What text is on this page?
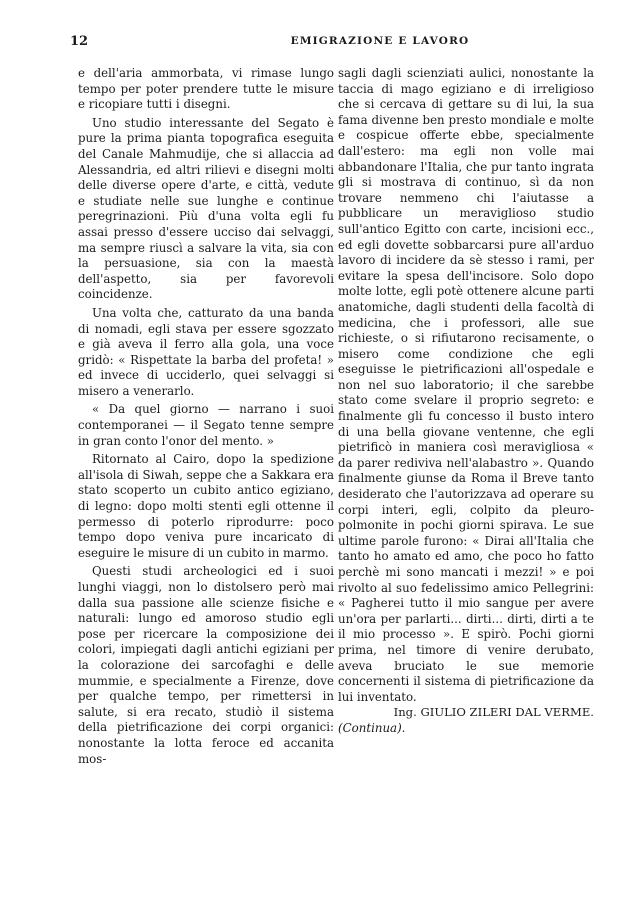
12	EMIGRAZIONE E LAVORO

e dell'aria ammorbata, vi rimase lungo tempo per poter prendere tutte le misure e ricopiare tutti i disegni.

Uno studio interessante del Segato è pure la prima pianta topografica eseguita del Canale Mahmudije, che si allaccia ad Alessandria, ed altri rilievi e disegni molti delle diverse opere d'arte, e città, vedute e studiate nelle sue lunghe e continue peregrinazioni. Più d'una volta egli fu assai presso d'essere ucciso dai selvaggi, ma sempre riuscì a salvare la vita, sia con la persuasione, sia con la maestà dell'aspetto, sia per favorevoli coincidenze.

Una volta che, catturato da una banda di nomadi, egli stava per essere sgozzato e già aveva il ferro alla gola, una voce gridò: « Rispettate la barba del profeta! » ed invece di ucciderlo, quei selvaggi si misero a venerarlo.

« Da quel giorno — narrano i suoi contemporanei — il Segato tenne sempre in gran conto l'onor del mento. »

Ritornato al Cairo, dopo la spedizione all'isola di Siwah, seppe che a Sakkara era stato scoperto un cubito antico egiziano, di legno: dopo molti stenti egli ottenne il permesso di poterlo riprodurre: poco tempo dopo veniva pure incaricato di eseguire le misure di un cubito in marmo.

Questi studi archeologici ed i suoi lunghi viaggi, non lo distolsero però mai dalla sua passione alle scienze fisiche e naturali: lungo ed amoroso studio egli pose per ricercare la composizione dei colori, impiegati dagli antichi egiziani per la colorazione dei sarcofaghi e delle mummie, e specialmente a Firenze, dove per qualche tempo, per rimettersi in salute, si era recato, studiò il sistema della pietrificazione dei corpi organici: nonostante la lotta feroce ed accanita mos-

sagli dagli scienziati aulici, nonostante la taccia di mago egiziano e di irreligioso che si cercava di gettare su di lui, la sua fama divenne ben presto mondiale e molte e cospicue offerte ebbe, specialmente dall'estero: ma egli non volle mai abbandonare l'Italia, che pur tanto ingrata gli si mostrava di continuo, sì da non trovare nemmeno chi l'aiutasse a pubblicare un meraviglioso studio sull'antico Egitto con carte, incisioni ecc., ed egli dovette sobbarcarsi pure all'arduo lavoro di incidere da sè stesso i rami, per evitare la spesa dell'incisore. Solo dopo molte lotte, egli potè ottenere alcune parti anatomiche, dagli studenti della facoltà di medicina, che i professori, alle sue richieste, o si rifiutarono recisamente, o misero come condizione che egli eseguisse le pietrificazioni all'ospedale e non nel suo laboratorio; il che sarebbe stato come svelare il proprio segreto: e finalmente gli fu concesso il busto intero di una bella giovane ventenne, che egli pietrificò in maniera così meravigliosa « da parer rediviva nell'alabastro ». Quando finalmente giunse da Roma il Breve tanto desiderato che l'autorizzava ad operare su corpi interi, egli, colpito da pleuro-polmonite in pochi giorni spirava. Le sue ultime parole furono: « Dirai all'Italia che tanto ho amato ed amo, che poco ho fatto perchè mi sono mancati i mezzi! » e poi rivolto al suo fedelissimo amico Pellegrini: « Pagherei tutto il mio sangue per avere un'ora per parlarti... dirti... dirti, dirti a te il mio processo ». E spirò. Pochi giorni prima, nel timore di venire derubato, aveva bruciato le sue memorie concernenti il sistema di pietrificazione da lui inventato.

Ing. GIULIO ZILERI DAL VERME.

(Continua).
